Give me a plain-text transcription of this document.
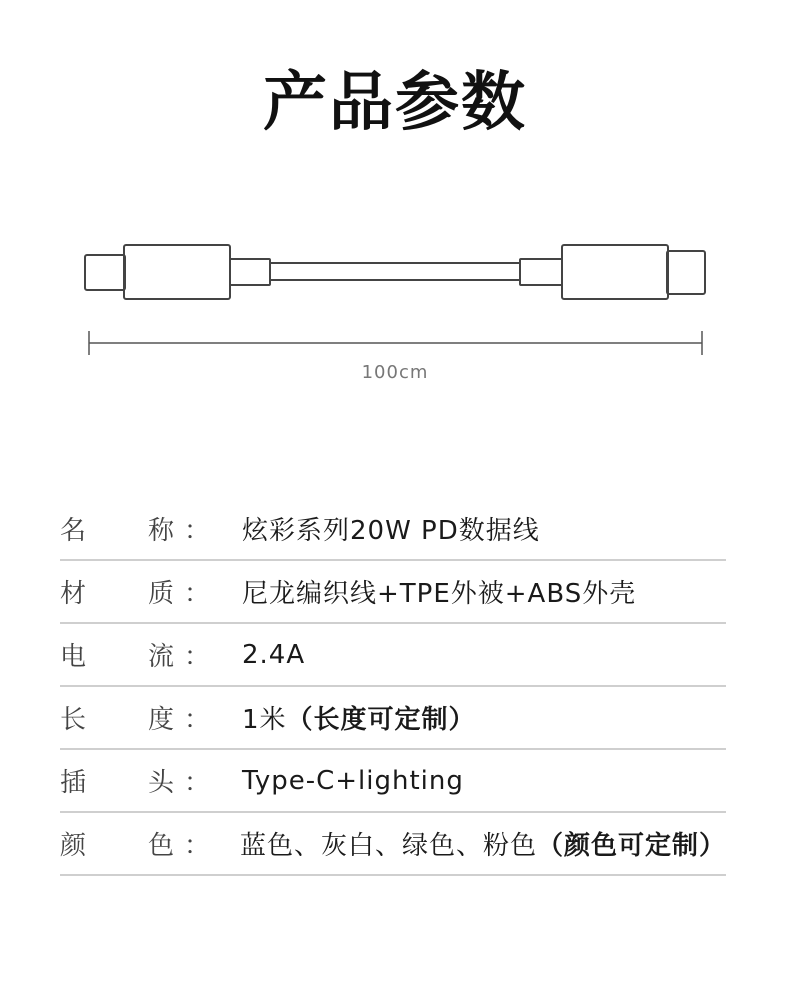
产品参数
100cm
名	称 ： 炫彩系列20W PD数据线
材	质 ： 尼龙编织线+TPE外被+ABS外壳
电	流 ： 2.4A
长	度 ： 1米（长度可定制）
插	头 ： Type-C+lighting
颜	色 ： 蓝色、灰白、绿色、粉色（颜色可定制）
